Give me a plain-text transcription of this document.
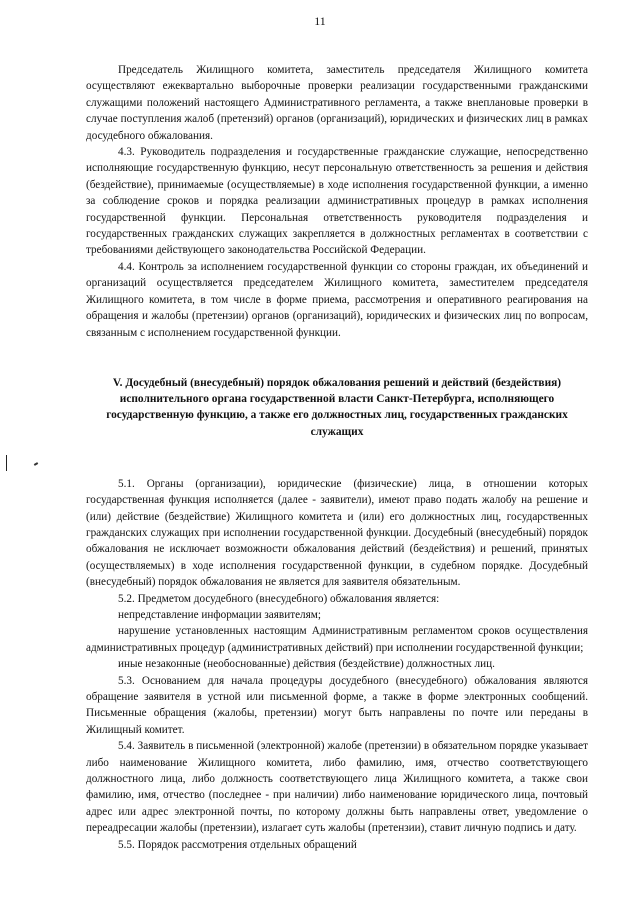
11

Председатель Жилищного комитета, заместитель председателя Жилищного комитета осуществляют ежеквартально выборочные проверки реализации государственными гражданскими служащими положений настоящего Административного регламента, а также внеплановые проверки в случае поступления жалоб (претензий) органов (организаций), юридических и физических лиц в рамках досудебного обжалования.

4.3. Руководитель подразделения и государственные гражданские служащие, непосредственно исполняющие государственную функцию, несут персональную ответственность за решения и действия (бездействие), принимаемые (осуществляемые) в ходе исполнения государственной функции, а именно за соблюдение сроков и порядка реализации административных процедур в рамках исполнения государственной функции. Персональная ответственность руководителя подразделения и государственных гражданских служащих закрепляется в должностных регламентах в соответствии с требованиями действующего законодательства Российской Федерации.

4.4. Контроль за исполнением государственной функции со стороны граждан, их объединений и организаций осуществляется председателем Жилищного комитета, заместителем председателя Жилищного комитета, в том числе в форме приема, рассмотрения и оперативного реагирования на обращения и жалобы (претензии) органов (организаций), юридических и физических лиц по вопросам, связанным с исполнением государственной функции.

V. Досудебный (внесудебный) порядок обжалования решений и действий (бездействия) исполнительного органа государственной власти Санкт-Петербурга, исполняющего государственную функцию, а также его должностных лиц, государственных гражданских служащих

5.1. Органы (организации), юридические (физические) лица, в отношении которых государственная функция исполняется (далее - заявители), имеют право подать жалобу на решение и (или) действие (бездействие) Жилищного комитета и (или) его должностных лиц, государственных гражданских служащих при исполнении государственной функции. Досудебный (внесудебный) порядок обжалования не исключает возможности обжалования действий (бездействия) и решений, принятых (осуществляемых) в ходе исполнения государственной функции, в судебном порядке. Досудебный (внесудебный) порядок обжалования не является для заявителя обязательным.

5.2. Предметом досудебного (внесудебного) обжалования является:

непредставление информации заявителям;

нарушение установленных настоящим Административным регламентом сроков осуществления административных процедур (административных действий) при исполнении государственной функции;

иные незаконные (необоснованные) действия (бездействие) должностных лиц.

5.3. Основанием для начала процедуры досудебного (внесудебного) обжалования являются обращение заявителя в устной или письменной форме, а также в форме электронных сообщений. Письменные обращения (жалобы, претензии) могут быть направлены по почте или переданы в Жилищный комитет.

5.4. Заявитель в письменной (электронной) жалобе (претензии) в обязательном порядке указывает либо наименование Жилищного комитета, либо фамилию, имя, отчество соответствующего должностного лица, либо должность соответствующего лица Жилищного комитета, а также свои фамилию, имя, отчество (последнее - при наличии) либо наименование юридического лица, почтовый адрес или адрес электронной почты, по которому должны быть направлены ответ, уведомление о переадресации жалобы (претензии), излагает суть жалобы (претензии), ставит личную подпись и дату.

5.5. Порядок рассмотрения отдельных обращений
